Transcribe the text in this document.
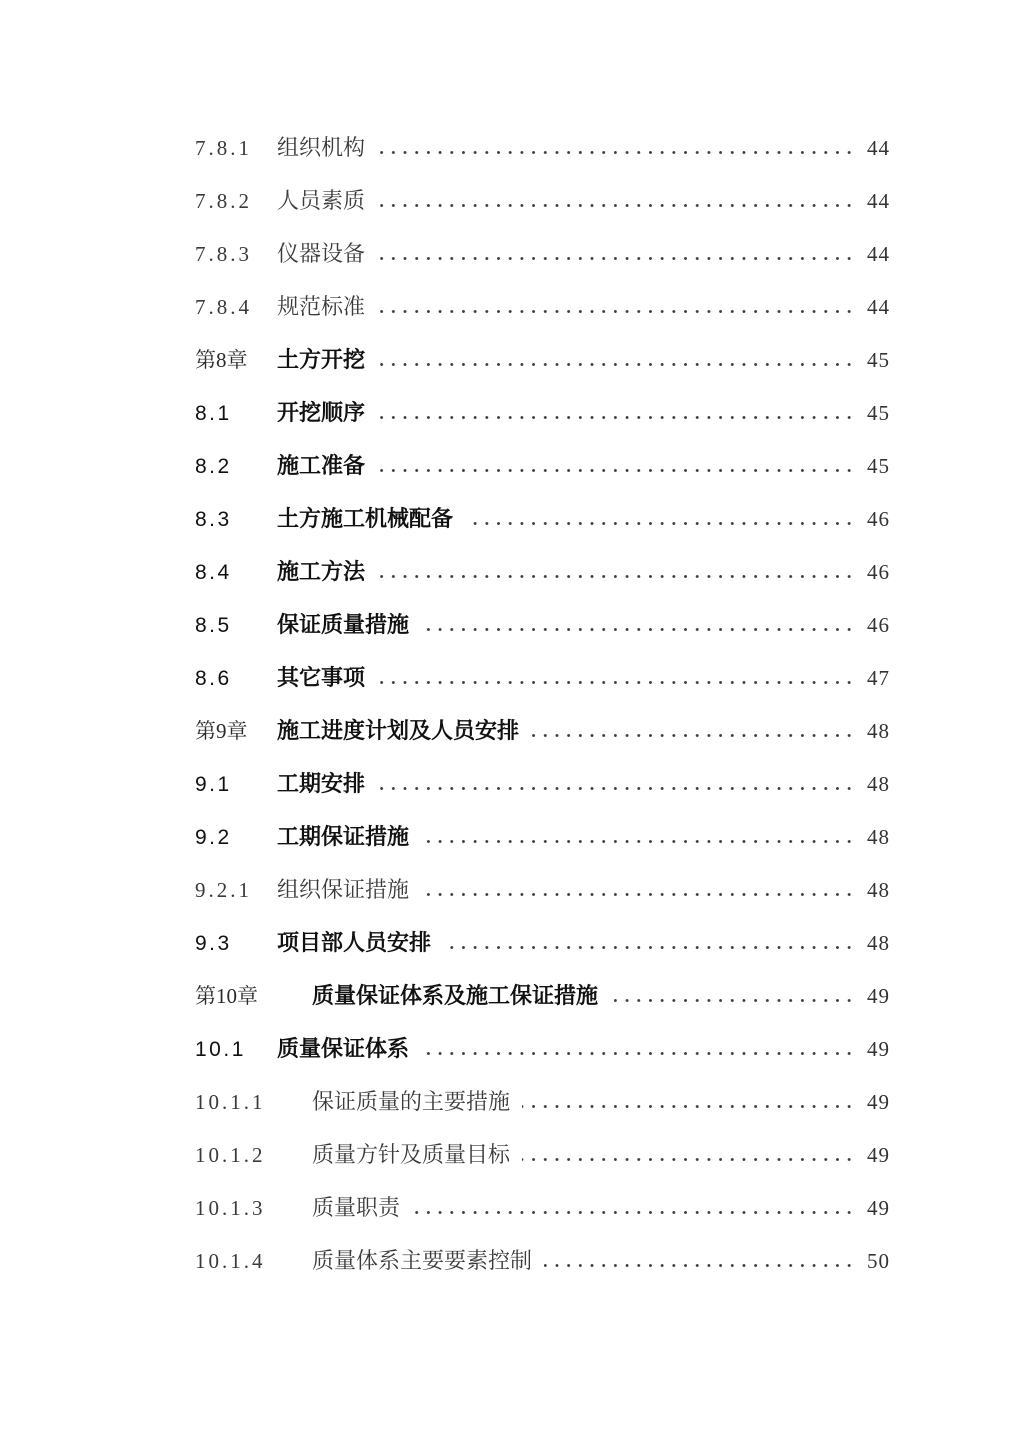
7.8.1	组织机构	44
7.8.2	人员素质	44
7.8.3	仪器设备	44
7.8.4	规范标准	44
第8章	土方开挖	45
8.1	开挖顺序	45
8.2	施工准备	45
8.3	土方施工机械配备	46
8.4	施工方法	46
8.5	保证质量措施	46
8.6	其它事项	47
第9章	施工进度计划及人员安排	48
9.1	工期安排	48
9.2	工期保证措施	48
9.2.1	组织保证措施	48
9.3	项目部人员安排	48
第10章	质量保证体系及施工保证措施	49
10.1	质量保证体系	49
10.1.1	保证质量的主要措施	49
10.1.2	质量方针及质量目标	49
10.1.3	质量职责	49
10.1.4	质量体系主要要素控制	50
